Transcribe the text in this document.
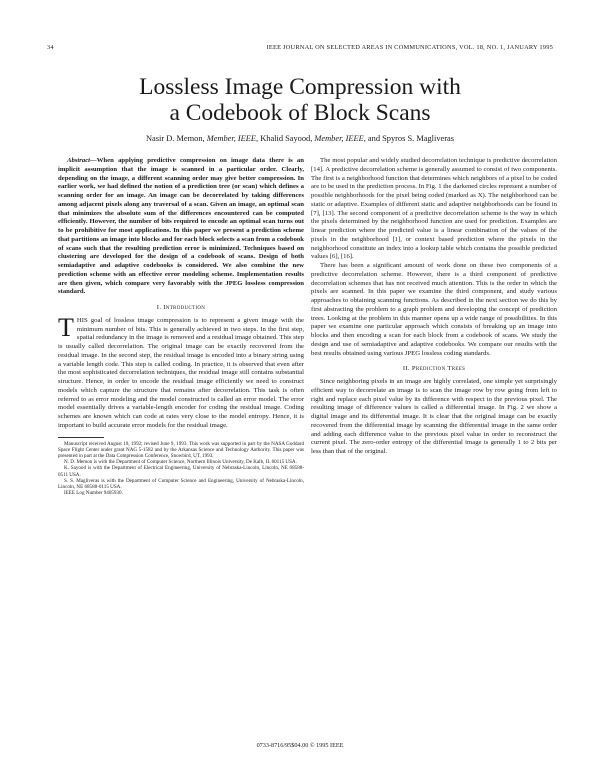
34	IEEE JOURNAL ON SELECTED AREAS IN COMMUNICATIONS, VOL. 18, NO. 1, JANUARY 1995
Lossless Image Compression with
a Codebook of Block Scans
Nasir D. Memon, Member, IEEE, Khalid Sayood, Member, IEEE, and Spyros S. Magliveras

Abstract—When applying predictive compression on image data there is an implicit assumption that the image is scanned in a particular order. Clearly, depending on the image, a different scanning order may give better compression. In earlier work, we had defined the notion of a prediction tree (or scan) which defines a scanning order for an image. An image can be decorrelated by taking differences among adjacent pixels along any traversal of a scan. Given an image, an optimal scan that minimizes the absolute sum of the differences encountered can be computed efficiently. However, the number of bits required to encode an optimal scan turns out to be prohibitive for most applications. In this paper we present a prediction scheme that partitions an image into blocks and for each block selects a scan from a codebook of scans such that the resulting prediction error is minimized. Techniques based on clustering are developed for the design of a codebook of scans. Design of both semiadaptive and adaptive codebooks is considered. We also combine the new prediction scheme with an effective error modeling scheme. Implementation results are then given, which compare very favorably with the JPEG lossless compression standard.

I. Introduction

THIS goal of lossless image compression is to represent a given image with the minimum number of bits. This is generally achieved in two steps. In the first step, spatial redundancy in the image is removed and a residual image obtained. This step is usually called decorrelation. The original image can be exactly recovered from the residual image. In the second step, the residual image is encoded into a binary string using a variable length code. This step is called coding. In practice, it is observed that even after the most sophisticated decorrelation techniques, the residual image still contains substantial structure. Hence, in order to encode the residual image efficiently we need to construct models which capture the structure that remains after decorrelation. This task is often referred to as error modeling and the model constructed is called an error model. The error model essentially drives a variable-length encoder for coding the residual image. Coding schemes are known which can code at rates very close to the model entropy. Hence, it is important to build accurate error models for the residual image.

Manuscript received August 10, 1992; revised June 9, 1993. This work was supported in part by the NASA Goddard Space Flight Center under grant NAG 5-1582 and by the Arkansas Science and Technology Authority. This paper was presented in part at the Data Compression Conference, Snowbird, UT, 1993.

N. D. Memon is with the Department of Computer Science, Northern Illinois University, De Kalb, IL 60115 USA.

K. Sayood is with the Department of Electrical Engineering, University of Nebraska-Lincoln, Lincoln, NE 68588-0511 USA.

S. S. Magliveras is with the Department of Computer Science and Engineering, University of Nebraska-Lincoln, Lincoln, NE 68588-0115 USA.

IEEE Log Number 9405930.

The most popular and widely studied decorrelation technique is predictive decorrelation [14]. A predictive decorrelation scheme is generally assumed to consist of two components. The first is a neighborhood function that determines which neighbors of a pixel to be coded are to be used in the prediction process. In Fig. 1 the darkened circles represent a number of possible neighborhoods for the pixel being coded (marked as X). The neighborhood can be static or adaptive. Examples of different static and adaptive neighborhoods can be found in [7], [13]. The second component of a predictive decorrelation scheme is the way in which the pixels determined by the neighborhood function are used for prediction. Examples are linear prediction where the predicted value is a linear combination of the values of the pixels in the neighborhood [1], or context based prediction where the pixels in the neighborhood constitute an index into a lookup table which contains the possible predicted values [6], [16].

There has been a significant amount of work done on these two components of a predictive decorrelation scheme. However, there is a third component of predictive decorrelation schemes that has not received much attention. This is the order in which the pixels are scanned. In this paper we examine the third component, and study various approaches to obtaining scanning functions. As described in the next section we do this by first abstracting the problem to a graph problem and developing the concept of prediction trees. Looking at the problem in this manner opens up a wide range of possibilities. In this paper we examine one particular approach which consists of breaking up an image into blocks and then encoding a scan for each block from a codebook of scans. We study the design and use of semiadaptive and adaptive codebooks. We compare our results with the best results obtained using various JPEG lossless coding standards.

II. Prediction Trees

Since neighboring pixels in an image are highly correlated, one simple yet surprisingly efficient way to decorrelate an image is to scan the image row by row going from left to right and replace each pixel value by its difference with respect to the previous pixel. The resulting image of difference values is called a differential image. In Fig. 2 we show a digital image and its differential image. It is clear that the original image can be exactly recovered from the differential image by scanning the differential image in the same order and adding each difference value to the previous pixel value in order to reconstruct the current pixel. The zero-order entropy of the differential image is generally 1 to 2 bits per less than that of the original.

0733-8716/95$04.00 © 1995 IEEE
